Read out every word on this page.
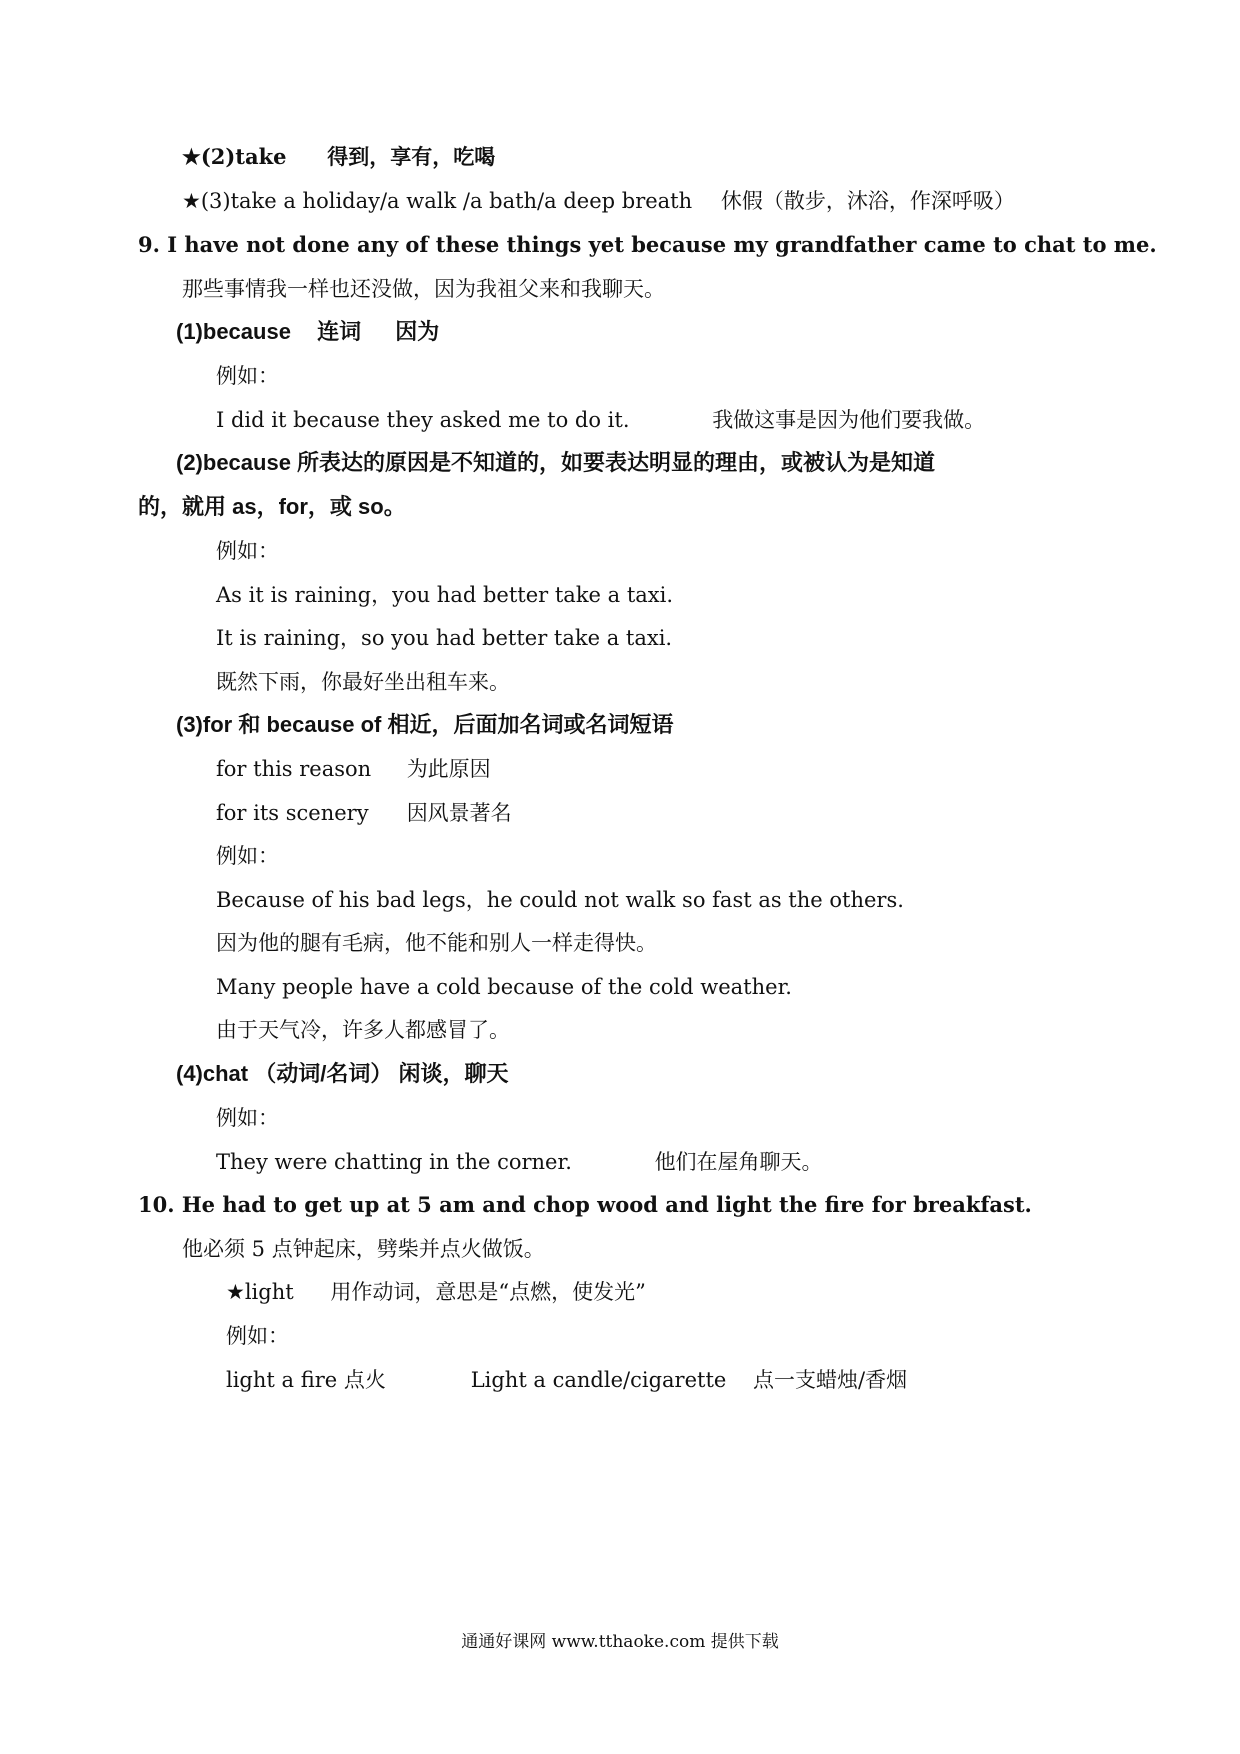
★(2)take 得到，享有，吃喝
★(3)take a holiday/a walk /a bath/a deep breath 休假（散步，沐浴，作深呼吸）
9. I have not done any of these things yet because my grandfather came to chat to me.
那些事情我一样也还没做，因为我祖父来和我聊天。
(1)because 连词 因为
例如：
I did it because they asked me to do it.	我做这事是因为他们要我做。
(2)because 所表达的原因是不知道的，如要表达明显的理由，或被认为是知道
的，就用 as，for，或 so。
例如：
As it is raining，you had better take a taxi.
It is raining，so you had better take a taxi.
既然下雨，你最好坐出租车来。
(3)for 和 because of 相近，后面加名词或名词短语
for this reason 为此原因
for its scenery 因风景著名
例如：
Because of his bad legs，he could not walk so fast as the others.
因为他的腿有毛病，他不能和别人一样走得快。
Many people have a cold because of the cold weather.
由于天气冷，许多人都感冒了。
(4)chat （动词/名词） 闲谈，聊天
例如：
They were chatting in the corner.	他们在屋角聊天。
10. He had to get up at 5 am and chop wood and light the fire for breakfast.
他必须 5 点钟起床，劈柴并点火做饭。
★light 用作动词，意思是“点燃，使发光”
例如：
light a fire 点火	Light a candle/cigarette 点一支蜡烛/香烟
通通好课网 www.tthaoke.com 提供下载
